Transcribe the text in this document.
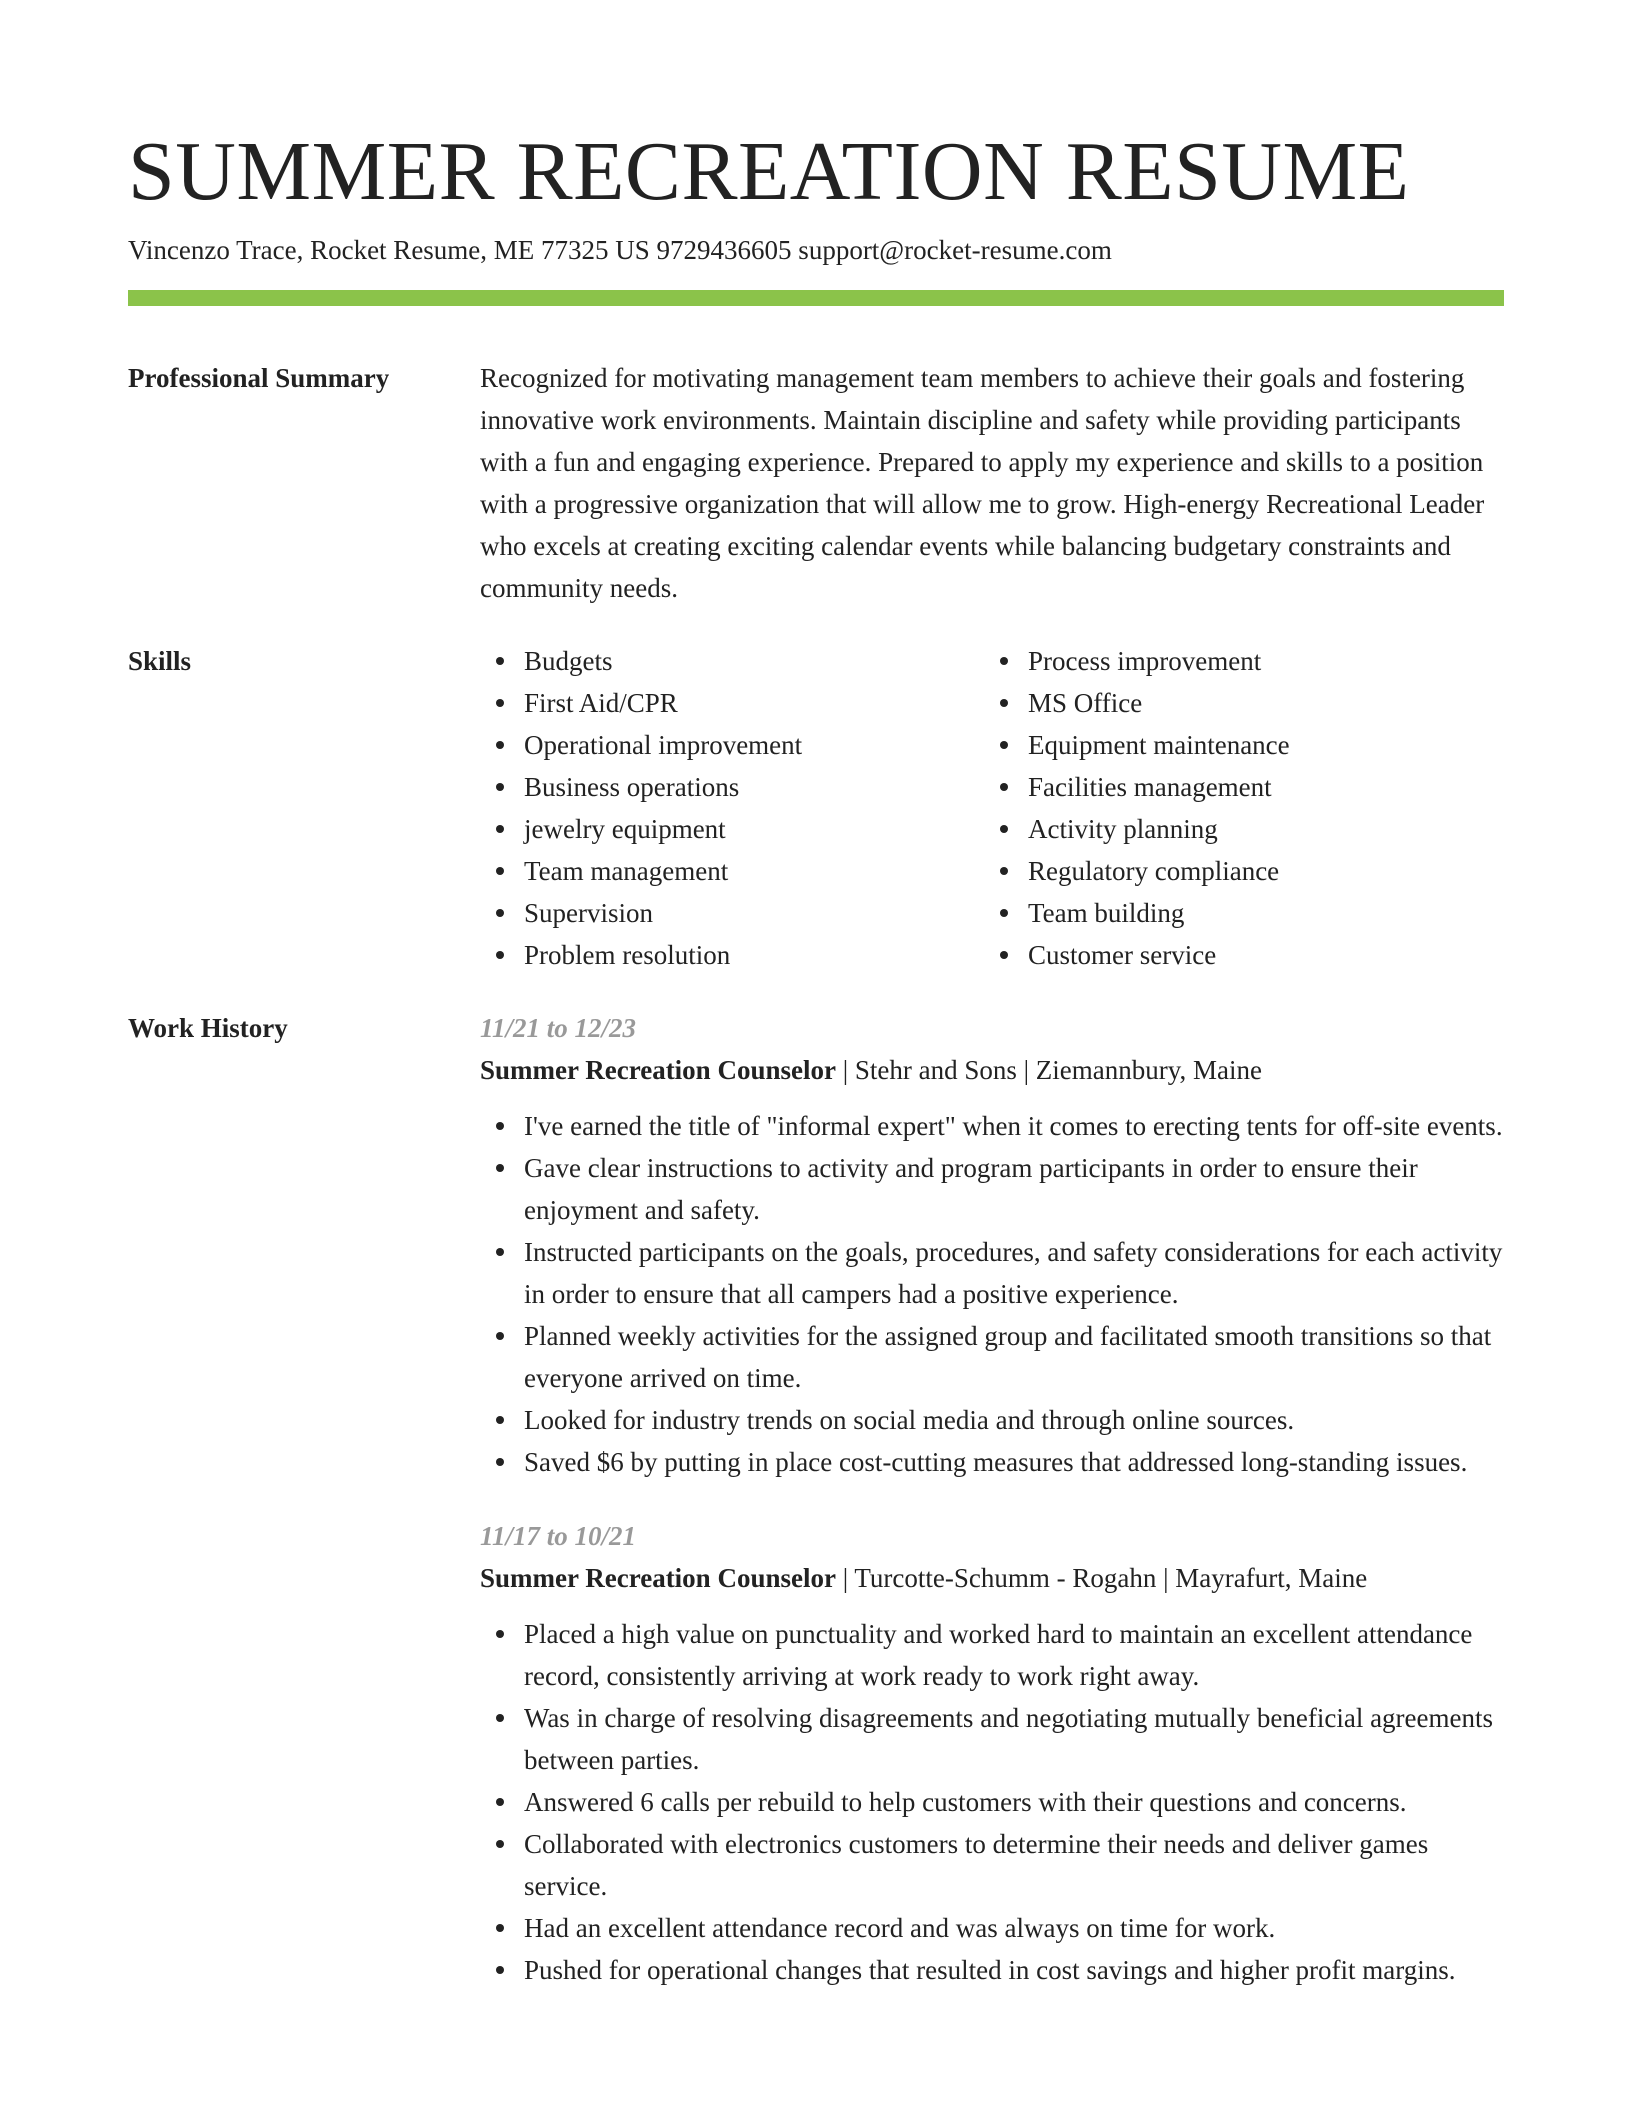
SUMMER RECREATION RESUME
Vincenzo Trace, Rocket Resume, ME 77325 US 9729436605 support@rocket-resume.com
Professional Summary	Recognized for motivating management team members to achieve their goals and fostering innovative work environments. Maintain discipline and safety while providing participants with a fun and engaging experience. Prepared to apply my experience and skills to a position with a progressive organization that will allow me to grow. High-energy Recreational Leader who excels at creating exciting calendar events while balancing budgetary constraints and community needs.
Skills	Budgets
First Aid/CPR
Operational improvement
Business operations
jewelry equipment
Team management
Supervision
Problem resolution
Process improvement
MS Office
Equipment maintenance
Facilities management
Activity planning
Regulatory compliance
Team building
Customer service
Work History	11/21 to 12/23
Summer Recreation Counselor | Stehr and Sons | Ziemannbury, Maine
I've earned the title of "informal expert" when it comes to erecting tents for off-site events.
Gave clear instructions to activity and program participants in order to ensure their enjoyment and safety.
Instructed participants on the goals, procedures, and safety considerations for each activity in order to ensure that all campers had a positive experience.
Planned weekly activities for the assigned group and facilitated smooth transitions so that everyone arrived on time.
Looked for industry trends on social media and through online sources.
Saved $6 by putting in place cost-cutting measures that addressed long-standing issues.
11/17 to 10/21
Summer Recreation Counselor | Turcotte-Schumm - Rogahn | Mayrafurt, Maine
Placed a high value on punctuality and worked hard to maintain an excellent attendance record, consistently arriving at work ready to work right away.
Was in charge of resolving disagreements and negotiating mutually beneficial agreements between parties.
Answered 6 calls per rebuild to help customers with their questions and concerns.
Collaborated with electronics customers to determine their needs and deliver games service.
Had an excellent attendance record and was always on time for work.
Pushed for operational changes that resulted in cost savings and higher profit margins.
